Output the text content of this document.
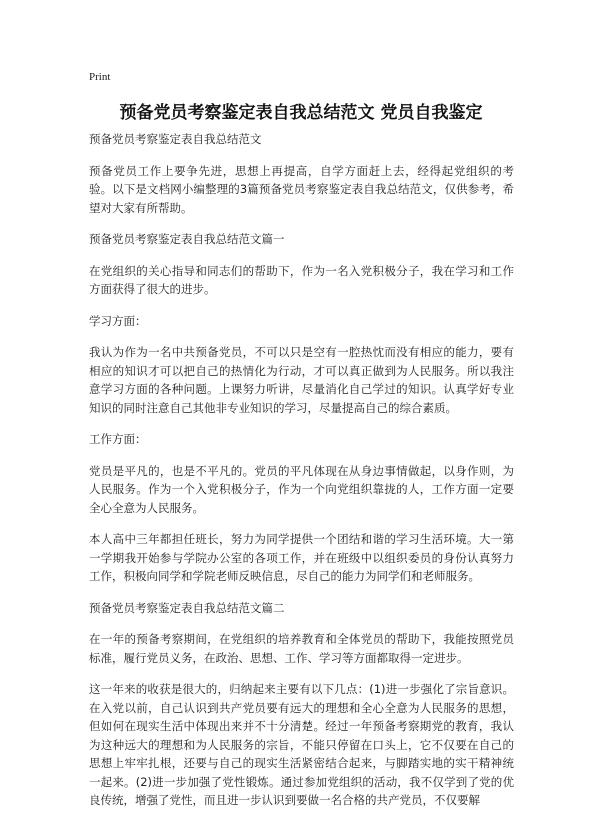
Print
预备党员考察鉴定表自我总结范文 党员自我鉴定

预备党员考察鉴定表自我总结范文

预备党员工作上要争先进，思想上再提高，自学方面赶上去，经得起党组织的考验。以下是文档网小编整理的3篇预备党员考察鉴定表自我总结范文，仅供参考，希望对大家有所帮助。

预备党员考察鉴定表自我总结范文篇一

在党组织的关心指导和同志们的帮助下，作为一名入党积极分子，我在学习和工作方面获得了很大的进步。

学习方面：

我认为作为一名中共预备党员，不可以只是空有一腔热忱而没有相应的能力，要有相应的知识才可以把自己的热情化为行动，才可以真正做到为人民服务。所以我注意学习方面的各种问题。上课努力听讲，尽量消化自己学过的知识。认真学好专业知识的同时注意自己其他非专业知识的学习，尽量提高自己的综合素质。

工作方面：

党员是平凡的，也是不平凡的。党员的平凡体现在从身边事情做起，以身作则，为人民服务。作为一个入党积极分子，作为一个向党组织靠拢的人，工作方面一定要全心全意为人民服务。

本人高中三年都担任班长，努力为同学提供一个团结和谐的学习生活环境。大一第一学期我开始参与学院办公室的各项工作，并在班级中以组织委员的身份认真努力工作，积极向同学和学院老师反映信息，尽自己的能力为同学们和老师服务。

预备党员考察鉴定表自我总结范文篇二

在一年的预备考察期间，在党组织的培养教育和全体党员的帮助下，我能按照党员标准，履行党员义务，在政治、思想、工作、学习等方面都取得一定进步。

这一年来的收获是很大的，归纳起来主要有以下几点：(1)进一步强化了宗旨意识。在入党以前，自己认识到共产党员要有远大的理想和全心全意为人民服务的思想，但如何在现实生活中体现出来并不十分清楚。经过一年预备考察期党的教育，我认为这种远大的理想和为人民服务的宗旨，不能只停留在口头上，它不仅要在自己的思想上牢牢扎根，还要与自己的现实生活紧密结合起来，与脚踏实地的实干精神统一起来。(2)进一步加强了党性锻炼。通过参加党组织的活动，我不仅学到了党的优良传统，增强了党性，而且进一步认识到要做一名合格的共产党员，不仅要解
